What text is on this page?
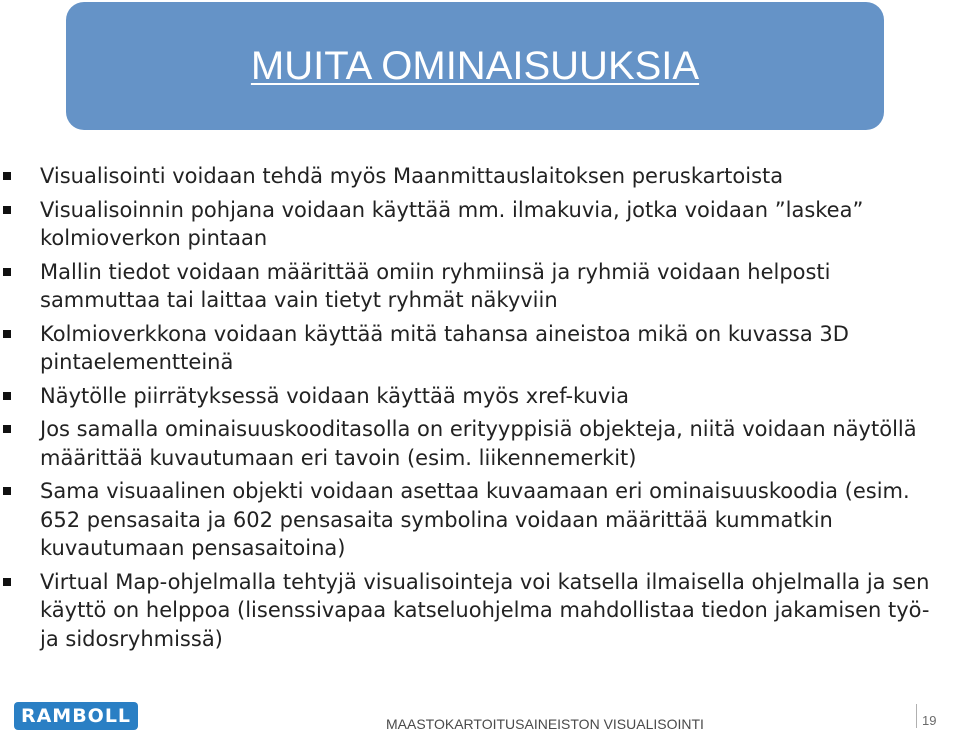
MUITA OMINAISUUKSIA
Visualisointi voidaan tehdä myös Maanmittauslaitoksen peruskartoista
Visualisoinnin pohjana voidaan käyttää mm. ilmakuvia, jotka voidaan ”laskea” kolmioverkon pintaan
Mallin tiedot voidaan määrittää omiin ryhmiinsä ja ryhmiä voidaan helposti sammuttaa tai laittaa vain tietyt ryhmät näkyviin
Kolmioverkkona voidaan käyttää mitä tahansa aineistoa mikä on kuvassa 3D pintaelementteinä
Näytölle piirrätyksessä voidaan käyttää myös xref-kuvia
Jos samalla ominaisuuskooditasolla on erityyppisiä objekteja, niitä voidaan näytöllä määrittää kuvautumaan eri tavoin (esim. liikennemerkit)
Sama visuaalinen objekti voidaan asettaa kuvaamaan eri ominaisuuskoodia (esim. 652 pensasaita ja 602 pensasaita symbolina voidaan määrittää kummatkin kuvautumaan pensasaitoina)
Virtual Map-ohjelmalla tehtyjä visualisointeja voi katsella ilmaisella ohjelmalla ja sen käyttö on helppoa (lisenssivapaa katseluohjelma mahdollistaa tiedon jakamisen työ- ja sidosryhmissä)
RAMBOLL	MAASTOKARTOITUSAINEISTON VISUALISOINTI	19
